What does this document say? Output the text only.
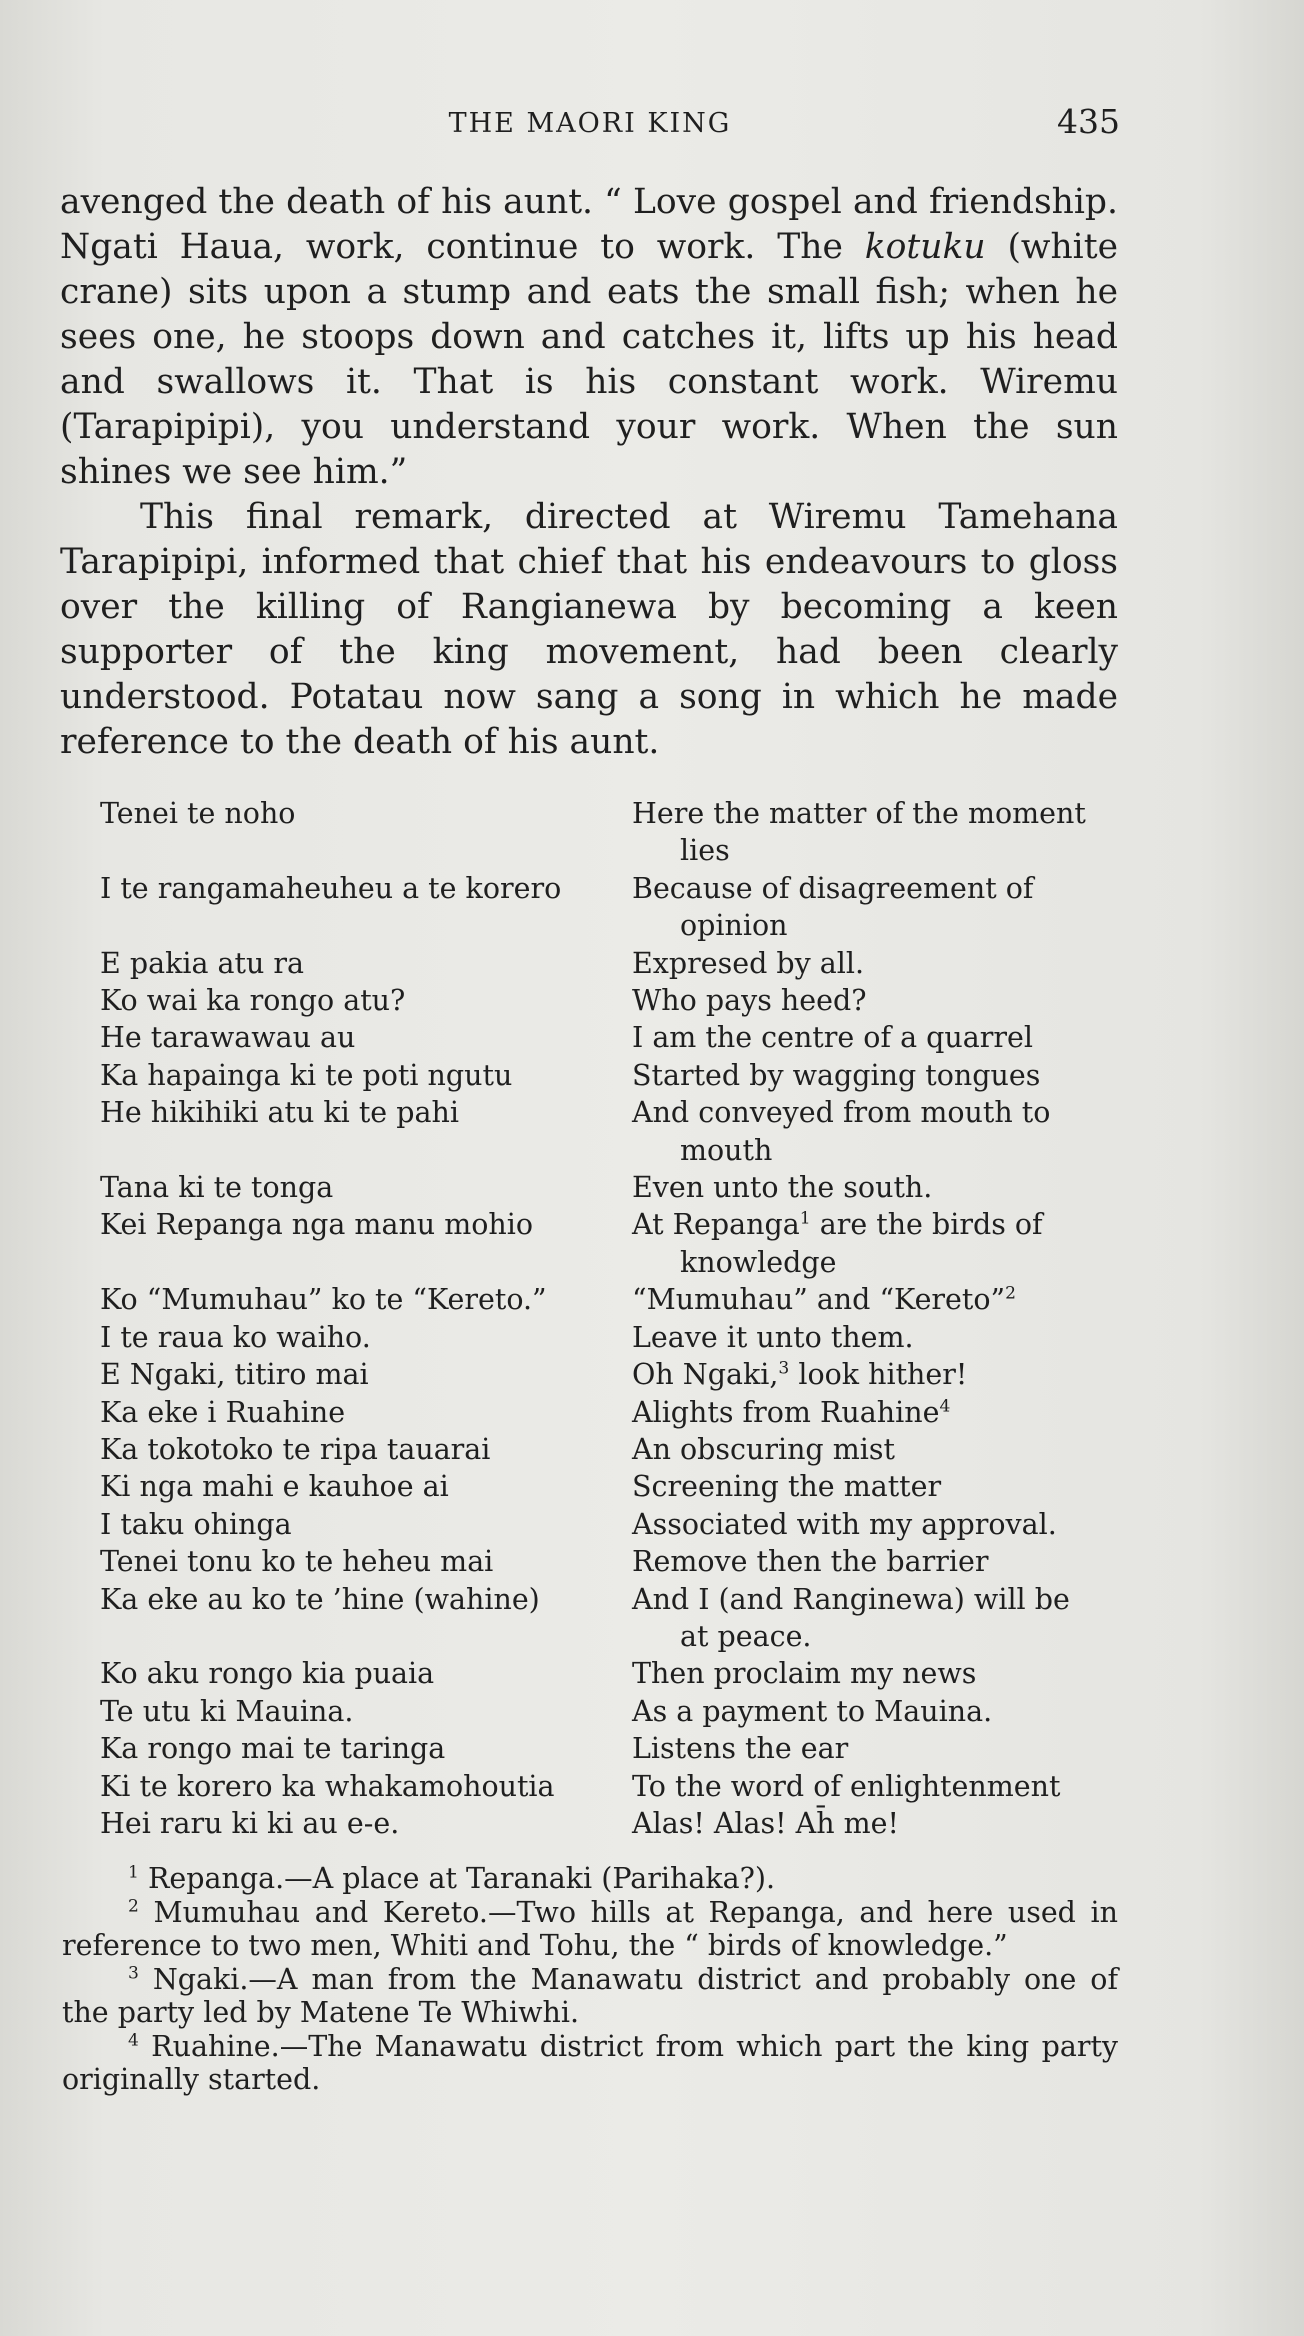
THE MAORI KING	435

avenged the death of his aunt. “ Love gospel and friendship. Ngati Haua, work, continue to work. The kotuku (white crane) sits upon a stump and eats the small fish; when he sees one, he stoops down and catches it, lifts up his head and swallows it. That is his constant work. Wiremu (Tarapipipi), you understand your work. When the sun shines we see him.”

This final remark, directed at Wiremu Tamehana Tarapipipi, informed that chief that his endeavours to gloss over the killing of Rangianewa by becoming a keen supporter of the king movement, had been clearly understood. Potatau now sang a song in which he made reference to the death of his aunt.

Tenei te noho	Here the matter of the moment
lies
I te rangamaheuheu a te korero	Because of disagreement of
opinion
E pakia atu ra	Expresed by all.
Ko wai ka rongo atu?	Who pays heed?
He tarawawau au	I am the centre of a quarrel
Ka hapainga ki te poti ngutu	Started by wagging tongues
He hikihiki atu ki te pahi	And conveyed from mouth to
mouth
Tana ki te tonga	Even unto the south.
Kei Repanga nga manu mohio	At Repanga$^1$ are the birds of
knowledge
Ko “Mumuhau” ko te “Kereto.”	“Mumuhau” and “Kereto”$^2$
I te raua ko waiho.	Leave it unto them.
E Ngaki, titiro mai	Oh Ngaki,$^3$ look hither!
Ka eke i Ruahine	Alights from Ruahine$^4$
Ka tokotoko te ripa tauarai	An obscuring mist
Ki nga mahi e kauhoe ai	Screening the matter
I taku ohinga	Associated with my approval.
Tenei tonu ko te heheu mai	Remove then the barrier
Ka eke au ko te ’hine (wahine)	And I (and Ranginewa) will be
at peace.
Ko aku rongo kia puaia	Then proclaim my news
Te utu ki Mauina.	As a payment to Mauina.
Ka rongo mai te taringa	Listens the ear
Ki te korero ka whakamohoutia	To the word of enlightenment
Hei raru ki ki au e-e.	Alas! Alas! Ah̄ me!

$^1$ Repanga.—A place at Taranaki (Parihaka?).

$^2$ Mumuhau and Kereto.—Two hills at Repanga, and here used in reference to two men, Whiti and Tohu, the “ birds of knowledge.”

$^3$ Ngaki.—A man from the Manawatu district and probably one of the party led by Matene Te Whiwhi.

$^4$ Ruahine.—The Manawatu district from which part the king party originally started.
